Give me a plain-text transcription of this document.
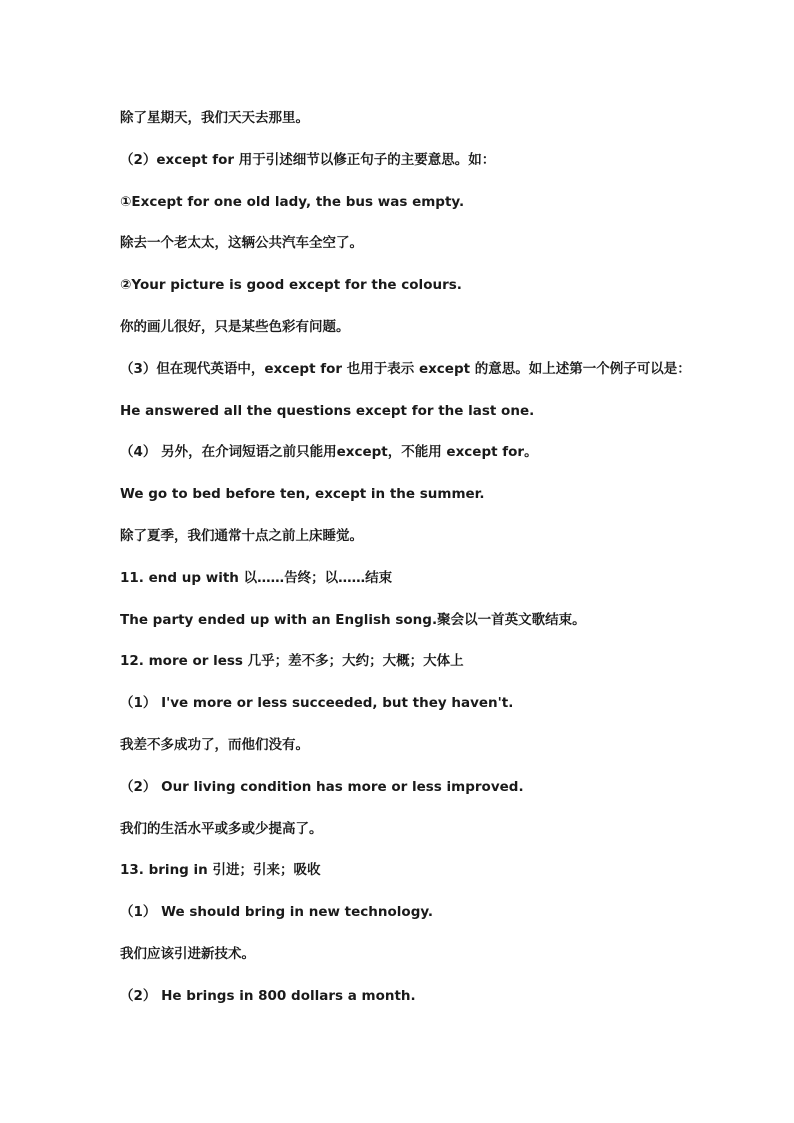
除了星期天，我们天天去那里。
（2）except for 用于引述细节以修正句子的主要意思。如：
①Except for one old lady, the bus was empty.
除去一个老太太，这辆公共汽车全空了。
②Your picture is good except for the colours.
你的画儿很好，只是某些色彩有问题。
（3）但在现代英语中，except for 也用于表示 except 的意思。如上述第一个例子可以是：
He answered all the questions except for the last one.
（4） 另外，在介词短语之前只能用except，不能用 except for。
We go to bed before ten, except in the summer.
除了夏季，我们通常十点之前上床睡觉。
11. end up with 以……告终；以……结束
The party ended up with an English song.聚会以一首英文歌结束。
12. more or less 几乎；差不多；大约；大概；大体上
（1） I've more or less succeeded, but they haven't.
我差不多成功了，而他们没有。
（2） Our living condition has more or less improved.
我们的生活水平或多或少提高了。
13. bring in 引进；引来；吸收
（1） We should bring in new technology.
我们应该引进新技术。
（2） He brings in 800 dollars a month.
